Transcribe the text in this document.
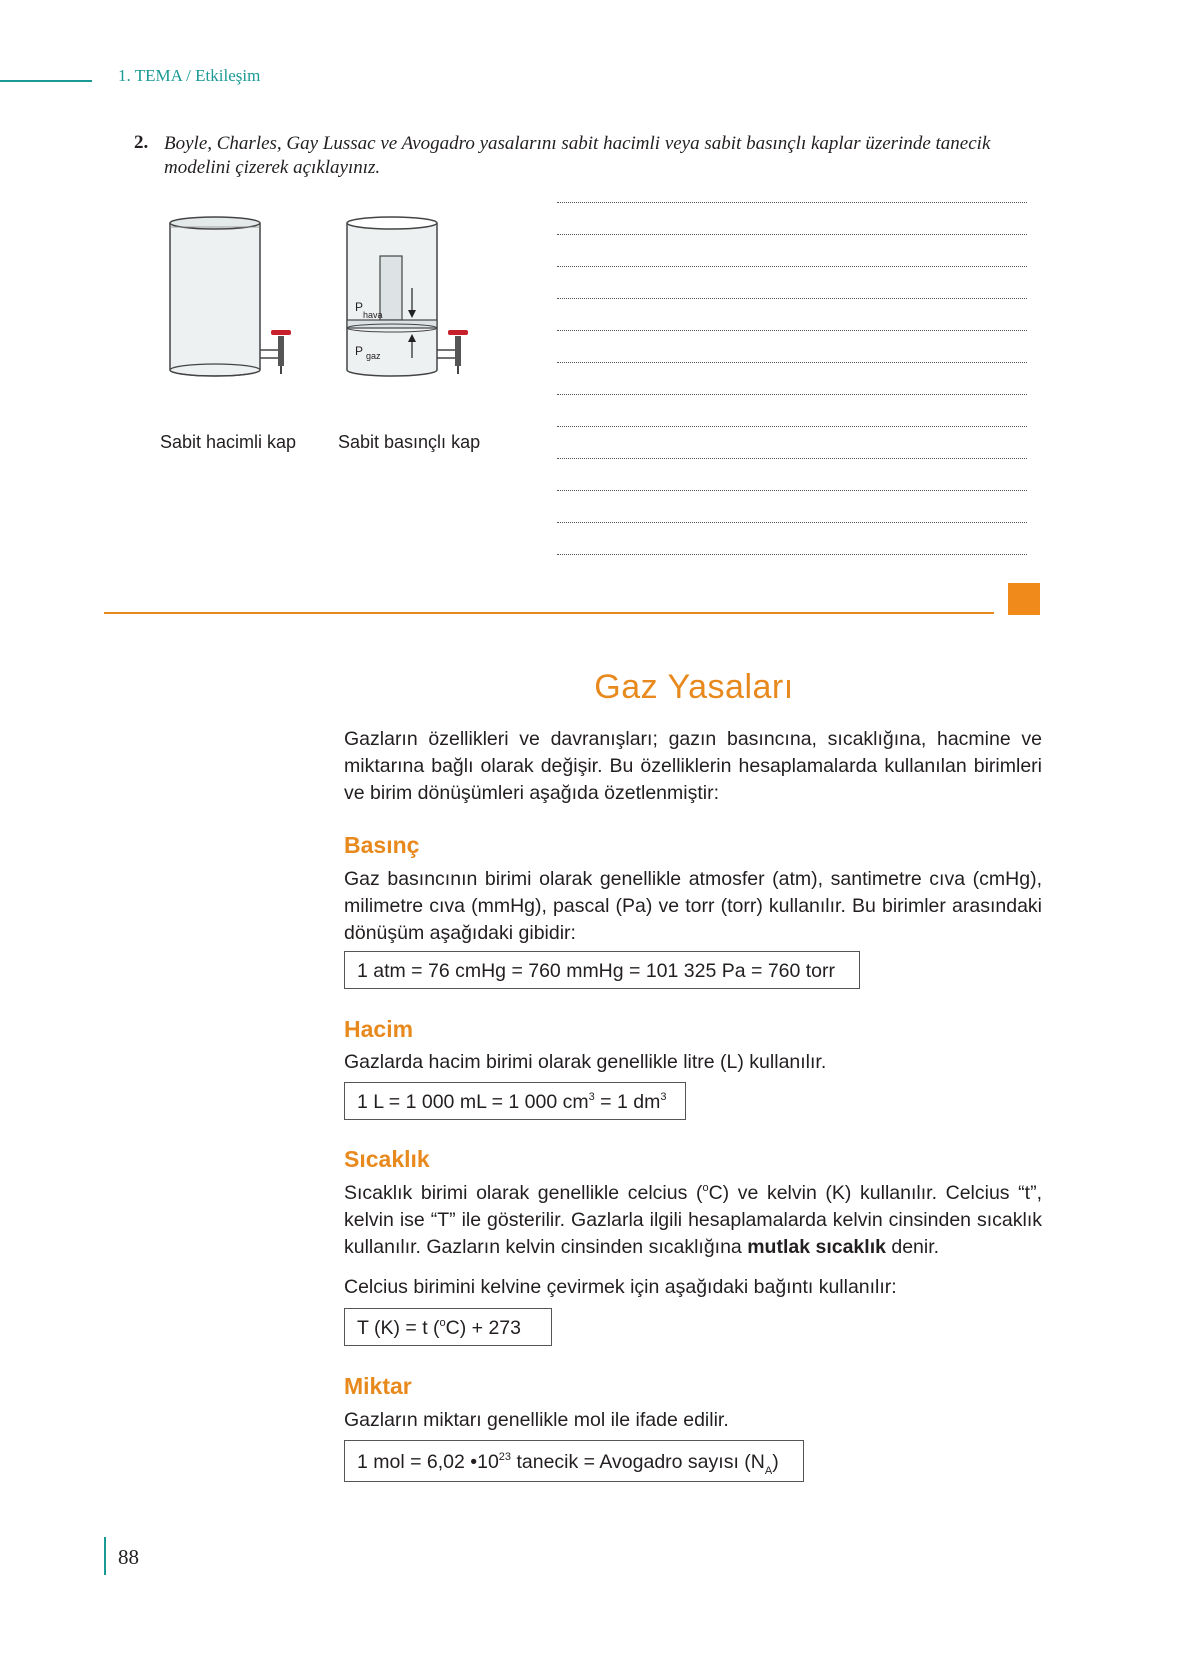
1. TEMA / Etkileşim
2. Boyle, Charles, Gay Lussac ve Avogadro yasalarını sabit hacimli veya sabit basınçlı kaplar üzerinde tanecik modelini çizerek açıklayınız.
$P_{hava}$
P $_{gaz}$
Sabit hacimli kap Sabit basınçlı kap
Gaz Yasaları
Gazların özellikleri ve davranışları; gazın basıncına, sıcaklığına, hacmine ve miktarına bağlı olarak değişir. Bu özelliklerin hesaplamalarda kullanılan birimleri ve birim dönüşümleri aşağıda özetlenmiştir:
Basınç
Gaz basıncının birimi olarak genellikle atmosfer (atm), santimetre cıva (cmHg), milimetre cıva (mmHg), pascal (Pa) ve torr (torr) kullanılır. Bu birimler arasındaki dönüşüm aşağıdaki gibidir:
1 atm = 76 cmHg = 760 mmHg = 101 325 Pa = 760 torr
Hacim
Gazlarda hacim birimi olarak genellikle litre (L) kullanılır.
1 L = 1 000 mL = 1 000 $cm^3 = 1$ $dm^3$
Sıcaklık
Sıcaklık birimi olarak genellikle celcius ($^o$C) ve kelvin (K) kullanılır. Celcius “t”, kelvin ise “T” ile gösterilir. Gazlarla ilgili hesaplamalarda kelvin cinsinden sıcaklık kullanılır. Gazların kelvin cinsinden sıcaklığına mutlak sıcaklık denir.
Celcius birimini kelvine çevirmek için aşağıdaki bağıntı kullanılır:
T (K) = t ($^o$C) + 273
Miktar
Gazların miktarı genellikle mol ile ifade edilir.
1 mol = 6,02 $•10^{23}$ tanecik = Avogadro sayısı $(N_A)$
88
